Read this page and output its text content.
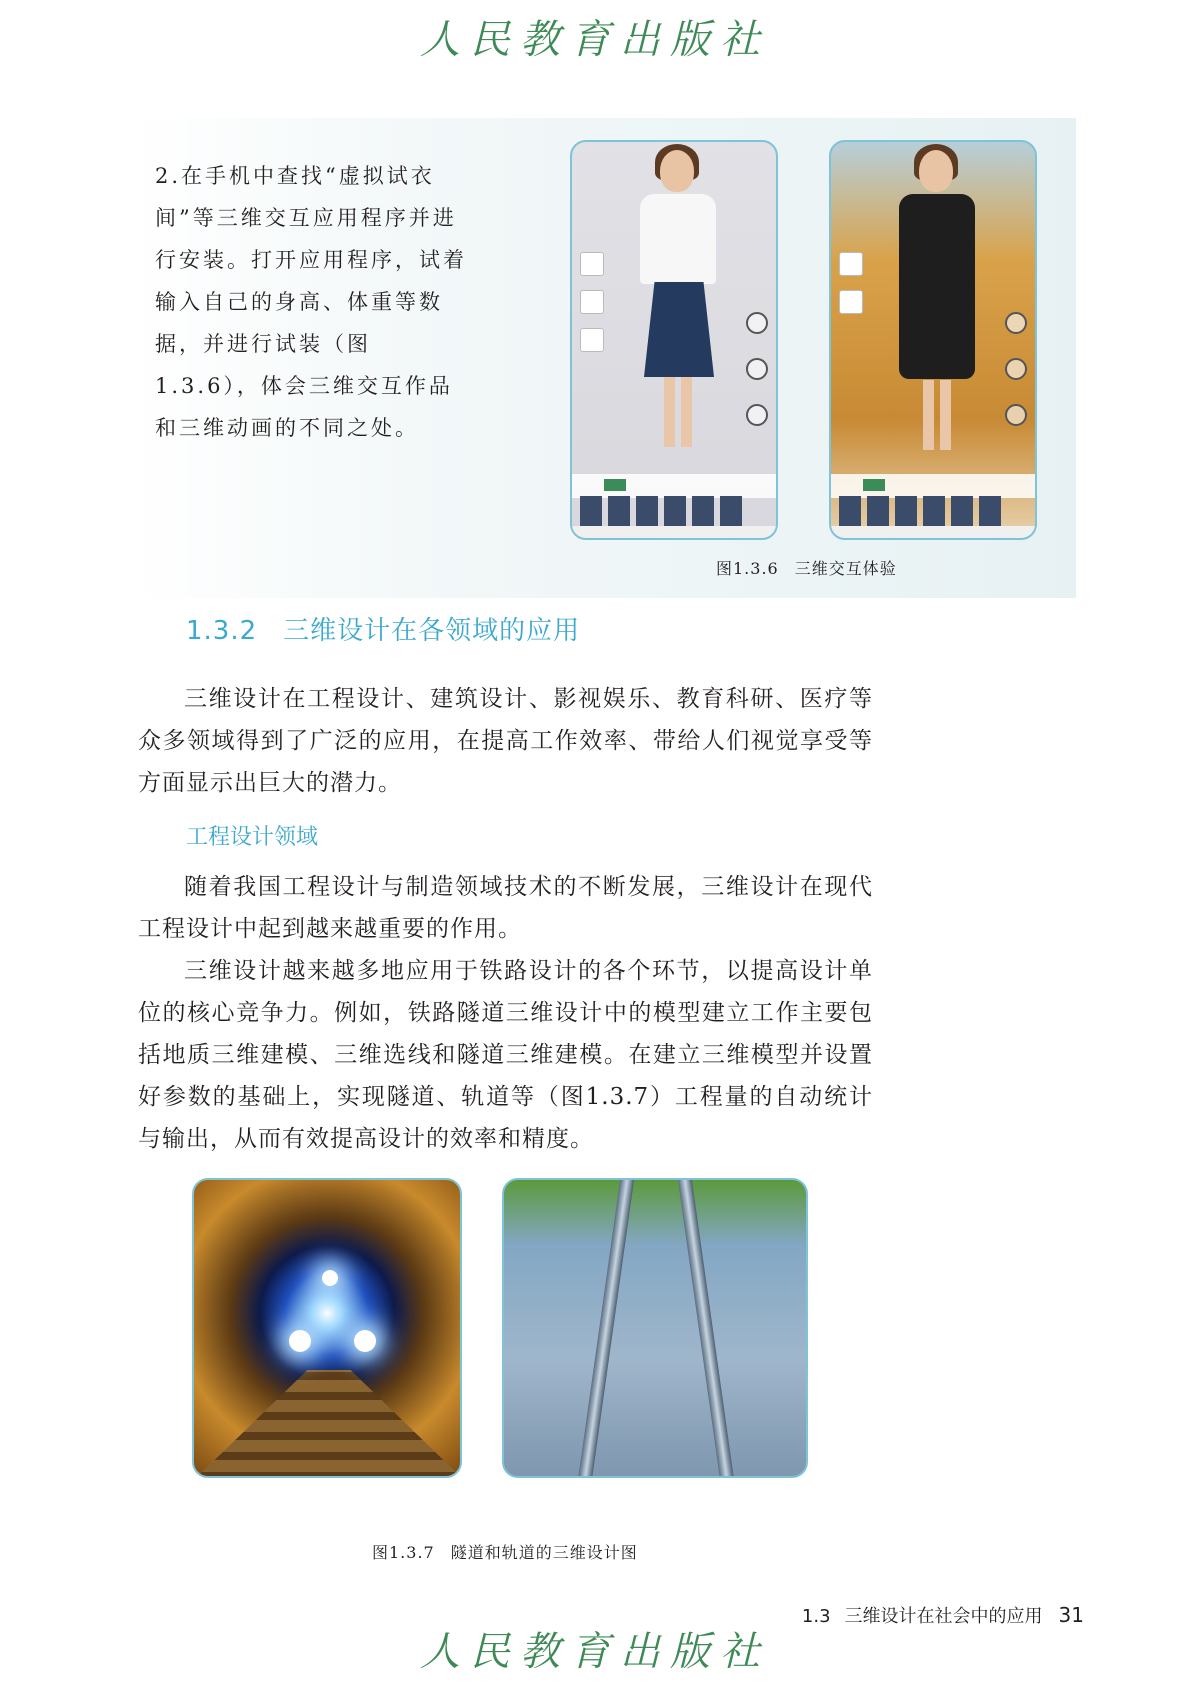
人民教育出版社
2.在手机中查找“虚拟试衣间”等三维交互应用程序并进行安装。打开应用程序，试着输入自己的身高、体重等数据，并进行试装（图1.3.6），体会三维交互作品和三维动画的不同之处。
图1.3.6 三维交互体验
1.3.2 三维设计在各领域的应用

三维设计在工程设计、建筑设计、影视娱乐、教育科研、医疗等众多领域得到了广泛的应用，在提高工作效率、带给人们视觉享受等方面显示出巨大的潜力。

工程设计领域

随着我国工程设计与制造领域技术的不断发展，三维设计在现代工程设计中起到越来越重要的作用。

三维设计越来越多地应用于铁路设计的各个环节，以提高设计单位的核心竞争力。例如，铁路隧道三维设计中的模型建立工作主要包括地质三维建模、三维选线和隧道三维建模。在建立三维模型并设置好参数的基础上，实现隧道、轨道等（图1.3.7）工程量的自动统计与输出，从而有效提高设计的效率和精度。

图1.3.7 隧道和轨道的三维设计图
1.3 三维设计在社会中的应用 31
人民教育出版社
